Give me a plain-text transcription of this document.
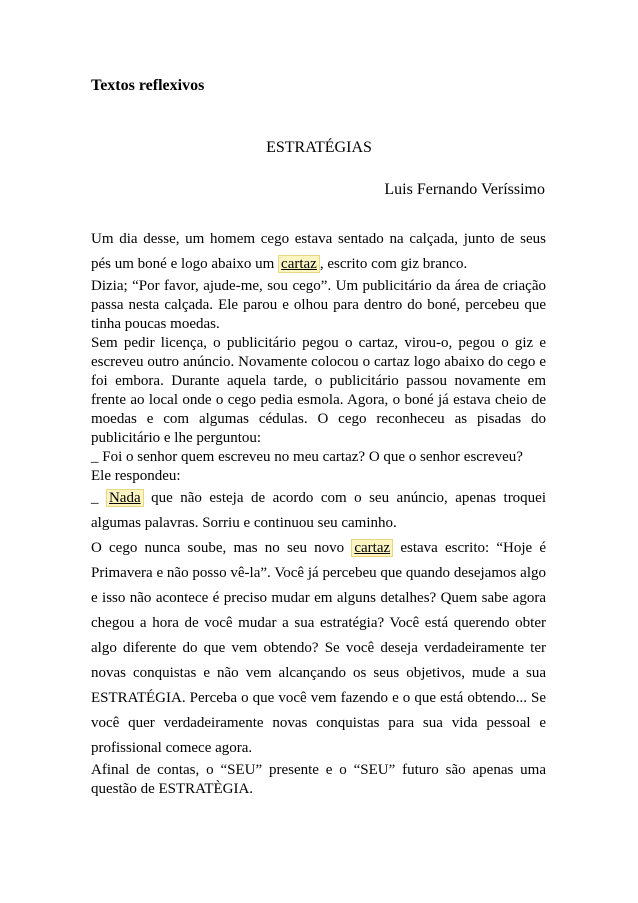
Textos reflexivos
ESTRATÉGIAS
Luis Fernando Veríssimo

Um dia desse, um homem cego estava sentado na calçada, junto de seus pés um boné e logo abaixo um cartaz , escrito com giz branco.

Dizia; “Por favor, ajude-me, sou cego”. Um publicitário da área de criação passa nesta calçada. Ele parou e olhou para dentro do boné, percebeu que tinha poucas moedas.

Sem pedir licença, o publicitário pegou o cartaz, virou-o, pegou o giz e escreveu outro anúncio. Novamente colocou o cartaz logo abaixo do cego e foi embora. Durante aquela tarde, o publicitário passou novamente em frente ao local onde o cego pedia esmola. Agora, o boné já estava cheio de moedas e com algumas cédulas. O cego reconheceu as pisadas do publicitário e lhe perguntou:

_ Foi o senhor quem escreveu no meu cartaz? O que o senhor escreveu?

Ele respondeu:

_ Nada que não esteja de acordo com o seu anúncio, apenas troquei algumas palavras. Sorriu e continuou seu caminho.

O cego nunca soube, mas no seu novo cartaz estava escrito: “Hoje é Primavera e não posso vê-la”. Você já percebeu que quando desejamos algo e isso não acontece é preciso mudar em alguns detalhes? Quem sabe agora chegou a hora de você mudar a sua estratégia? Você está querendo obter algo diferente do que vem obtendo? Se você deseja verdadeiramente ter novas conquistas e não vem alcançando os seus objetivos, mude a sua ESTRATÉGIA. Perceba o que você vem fazendo e o que está obtendo... Se você quer verdadeiramente novas conquistas para sua vida pessoal e profissional comece agora.

Afinal de contas, o “SEU” presente e o “SEU” futuro são apenas uma questão de ESTRATÈGIA.
